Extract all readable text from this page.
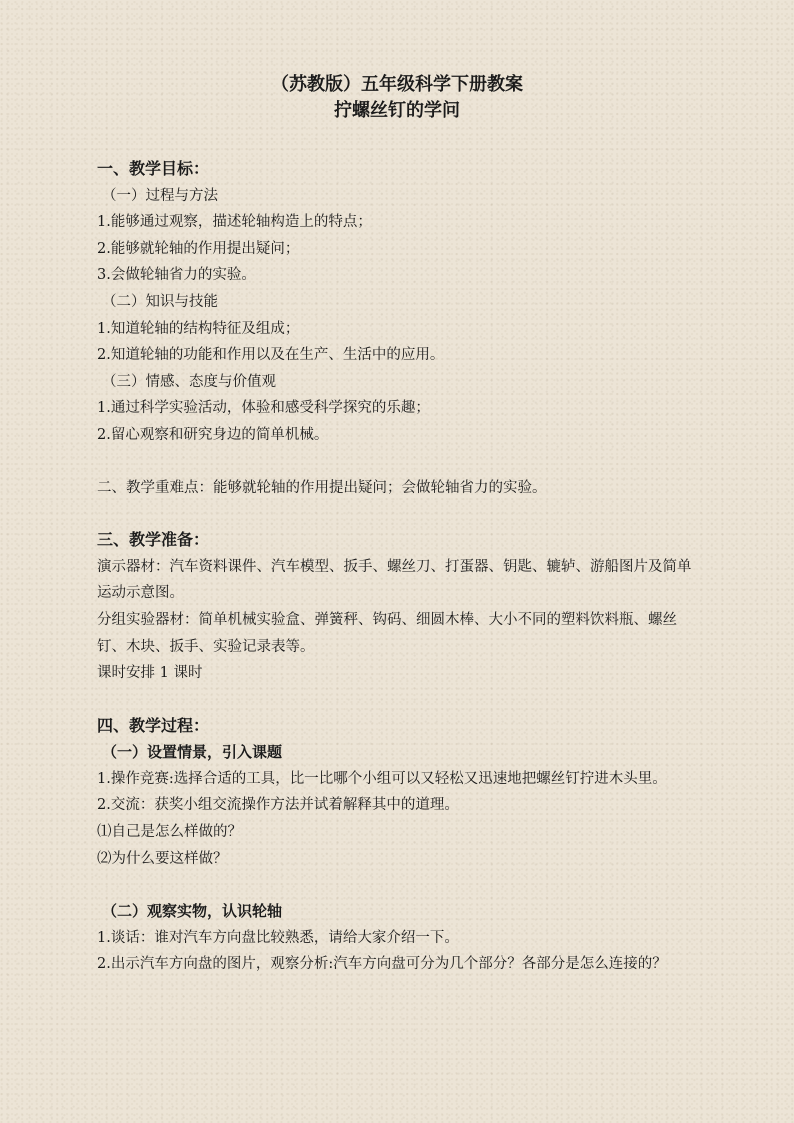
（苏教版）五年级科学下册教案

拧螺丝钉的学问

一、教学目标：

（一）过程与方法

1.能够通过观察，描述轮轴构造上的特点；

2.能够就轮轴的作用提出疑问；

3.会做轮轴省力的实验。

（二）知识与技能

1.知道轮轴的结构特征及组成；

2.知道轮轴的功能和作用以及在生产、生活中的应用。

（三）情感、态度与价值观

1.通过科学实验活动，体验和感受科学探究的乐趣；

2.留心观察和研究身边的简单机械。

二、教学重难点：能够就轮轴的作用提出疑问；会做轮轴省力的实验。

三、教学准备：

演示器材：汽车资料课件、汽车模型、扳手、螺丝刀、打蛋器、钥匙、辘轳、游船图片及简单运动示意图。

分组实验器材：简单机械实验盒、弹簧秤、钩码、细圆木棒、大小不同的塑料饮料瓶、螺丝钉、木块、扳手、实验记录表等。

课时安排 1 课时

四、教学过程：

（一）设置情景，引入课题

1.操作竞赛:选择合适的工具，比一比哪个小组可以又轻松又迅速地把螺丝钉拧进木头里。

2.交流：获奖小组交流操作方法并试着解释其中的道理。

⑴自己是怎么样做的？

⑵为什么要这样做？

（二）观察实物，认识轮轴

1.谈话：谁对汽车方向盘比较熟悉，请给大家介绍一下。

2.出示汽车方向盘的图片，观察分析:汽车方向盘可分为几个部分？各部分是怎么连接的？
